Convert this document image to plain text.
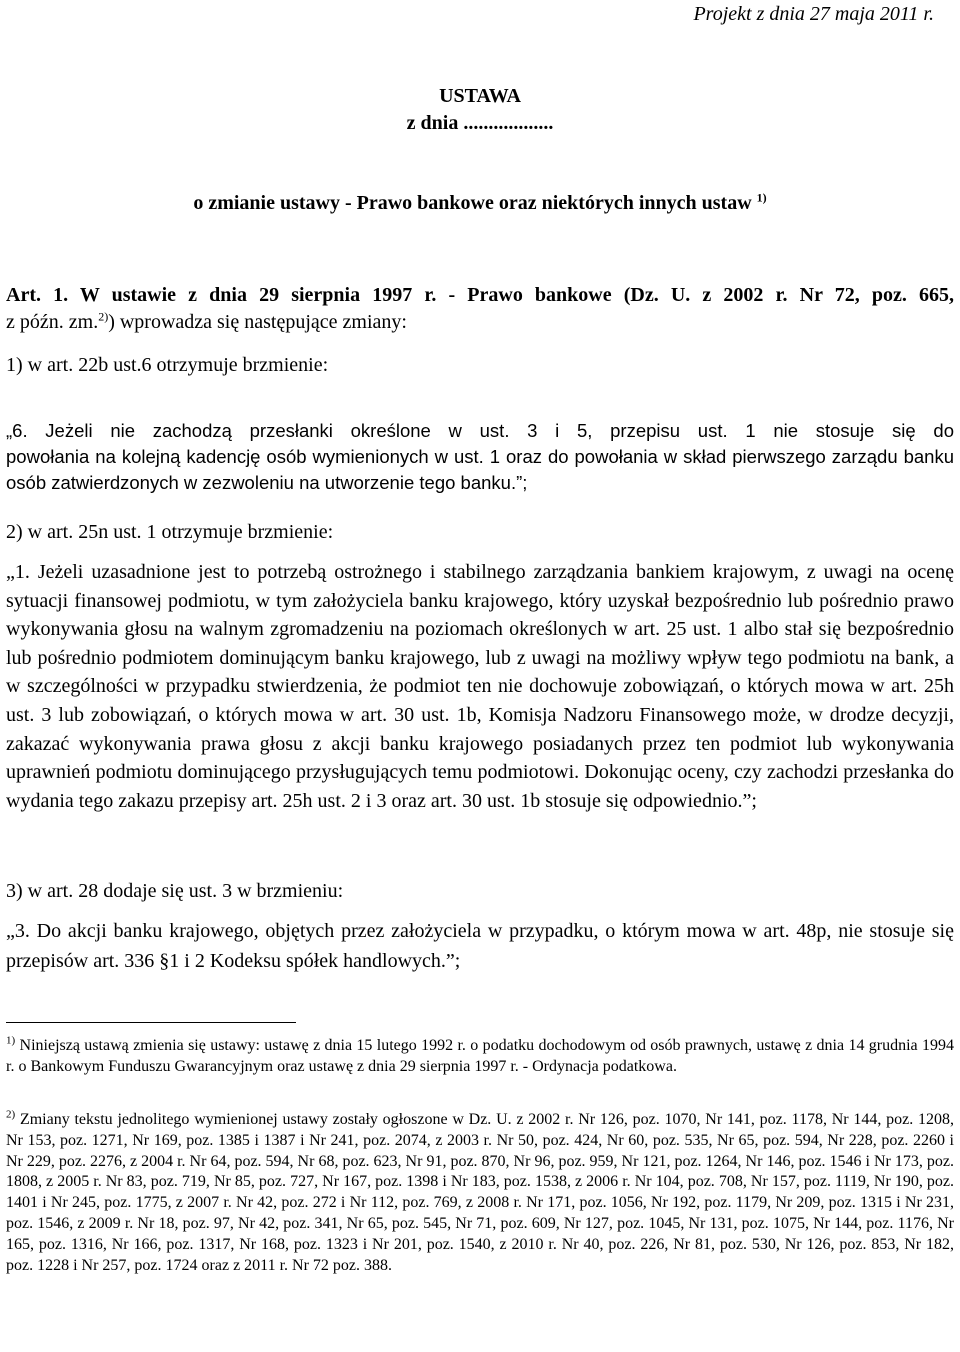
Projekt z dnia 27 maja 2011 r.
USTAWA
z dnia ..................
o zmianie ustawy - Prawo bankowe oraz niektórych innych ustaw $^{1)}$
Art. 1. W ustawie z dnia 29 sierpnia 1997 r. - Prawo bankowe (Dz. U. z 2002 r. Nr 72, poz. 665,
z późn. zm.$^{2)}$) wprowadza się następujące zmiany:
1) w art. 22b ust.6 otrzymuje brzmienie:
„6. Jeżeli nie zachodzą przesłanki określone w ust. 3 i 5, przepisu ust. 1 nie stosuje się do
powołania na kolejną kadencję osób wymienionych w ust. 1 oraz do powołania w skład pierwszego zarządu banku osób zatwierdzonych w zezwoleniu na utworzenie tego banku.”;
2) w art. 25n ust. 1 otrzymuje brzmienie:
„1. Jeżeli uzasadnione jest to potrzebą ostrożnego i stabilnego zarządzania bankiem krajowym, z uwagi na ocenę sytuacji finansowej podmiotu, w tym założyciela banku krajowego, który uzyskał bezpośrednio lub pośrednio prawo wykonywania głosu na walnym zgromadzeniu na poziomach określonych w art. 25 ust. 1 albo stał się bezpośrednio lub pośrednio podmiotem dominującym banku krajowego, lub z uwagi na możliwy wpływ tego podmiotu na bank, a w szczególności w przypadku stwierdzenia, że podmiot ten nie dochowuje zobowiązań, o których mowa w art. 25h ust. 3 lub zobowiązań, o których mowa w art. 30 ust. 1b, Komisja Nadzoru Finansowego może, w drodze decyzji, zakazać wykonywania prawa głosu z akcji banku krajowego posiadanych przez ten podmiot lub wykonywania uprawnień podmiotu dominującego przysługujących temu podmiotowi. Dokonując oceny, czy zachodzi przesłanka do wydania tego zakazu przepisy art. 25h ust. 2 i 3 oraz art. 30 ust. 1b stosuje się odpowiednio.”;
3) w art. 28 dodaje się ust. 3 w brzmieniu:
„3. Do akcji banku krajowego, objętych przez założyciela w przypadku, o którym mowa w art. 48p, nie stosuje się przepisów art. 336 §1 i 2 Kodeksu spółek handlowych.”;
$^{1)}$ Niniejszą ustawą zmienia się ustawy: ustawę z dnia 15 lutego 1992 r. o podatku dochodowym od osób prawnych, ustawę z dnia 14 grudnia 1994 r. o Bankowym Funduszu Gwarancyjnym oraz ustawę z dnia 29 sierpnia 1997 r. - Ordynacja podatkowa.
$^{2)}$ Zmiany tekstu jednolitego wymienionej ustawy zostały ogłoszone w Dz. U. z 2002 r. Nr 126, poz. 1070, Nr 141, poz. 1178, Nr 144, poz. 1208, Nr 153, poz. 1271, Nr 169, poz. 1385 i 1387 i Nr 241, poz. 2074, z 2003 r. Nr 50, poz. 424, Nr 60, poz. 535, Nr 65, poz. 594, Nr 228, poz. 2260 i Nr 229, poz. 2276, z 2004 r. Nr 64, poz. 594, Nr 68, poz. 623, Nr 91, poz. 870, Nr 96, poz. 959, Nr 121, poz. 1264, Nr 146, poz. 1546 i Nr 173, poz. 1808, z 2005 r. Nr 83, poz. 719, Nr 85, poz. 727, Nr 167, poz. 1398 i Nr 183, poz. 1538, z 2006 r. Nr 104, poz. 708, Nr 157, poz. 1119, Nr 190, poz. 1401 i Nr 245, poz. 1775, z 2007 r. Nr 42, poz. 272 i Nr 112, poz. 769, z 2008 r. Nr 171, poz. 1056, Nr 192, poz. 1179, Nr 209, poz. 1315 i Nr 231, poz. 1546, z 2009 r. Nr 18, poz. 97, Nr 42, poz. 341, Nr 65, poz. 545, Nr 71, poz. 609, Nr 127, poz. 1045, Nr 131, poz. 1075, Nr 144, poz. 1176, Nr 165, poz. 1316, Nr 166, poz. 1317, Nr 168, poz. 1323 i Nr 201, poz. 1540, z 2010 r. Nr 40, poz. 226, Nr 81, poz. 530, Nr 126, poz. 853, Nr 182, poz. 1228 i Nr 257, poz. 1724 oraz z 2011 r. Nr 72 poz. 388.
